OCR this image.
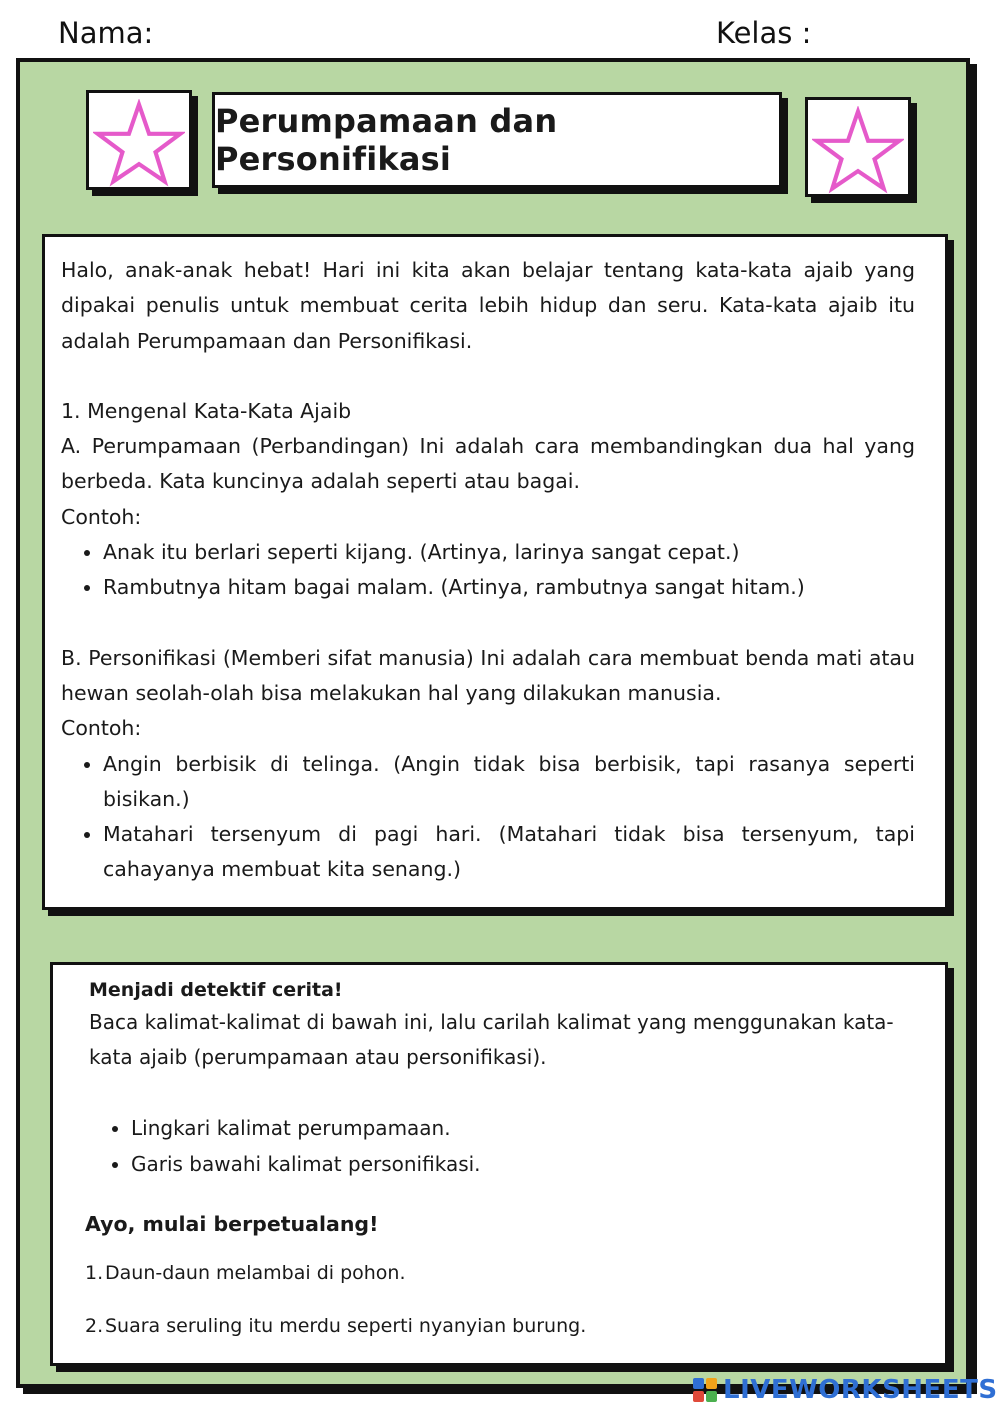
Nama:	Kelas :
Perumpamaan dan Personifikasi

Halo, anak-anak hebat! Hari ini kita akan belajar tentang kata-kata ajaib yang dipakai penulis untuk membuat cerita lebih hidup dan seru. Kata-kata ajaib itu adalah Perumpamaan dan Personifikasi.

1. Mengenal Kata-Kata Ajaib

A. Perumpamaan (Perbandingan) Ini adalah cara membandingkan dua hal yang berbeda. Kata kuncinya adalah seperti atau bagai.

Contoh:

• Anak itu berlari seperti kijang. (Artinya, larinya sangat cepat.)
• Rambutnya hitam bagai malam. (Artinya, rambutnya sangat hitam.)

B. Personifikasi (Memberi sifat manusia) Ini adalah cara membuat benda mati atau hewan seolah-olah bisa melakukan hal yang dilakukan manusia.

Contoh:

• Angin berbisik di telinga. (Angin tidak bisa berbisik, tapi rasanya seperti bisikan.)
• Matahari tersenyum di pagi hari. (Matahari tidak bisa tersenyum, tapi cahayanya membuat kita senang.)

Menjadi detektif cerita!

Baca kalimat-kalimat di bawah ini, lalu carilah kalimat yang menggunakan kata-kata ajaib (perumpamaan atau personifikasi).

• Lingkari kalimat perumpamaan.
• Garis bawahi kalimat personifikasi.

Ayo, mulai berpetualang!

1.Daun-daun melambai di pohon.
2.Suara seruling itu merdu seperti nyanyian burung.
LIVEWORKSHEETS
